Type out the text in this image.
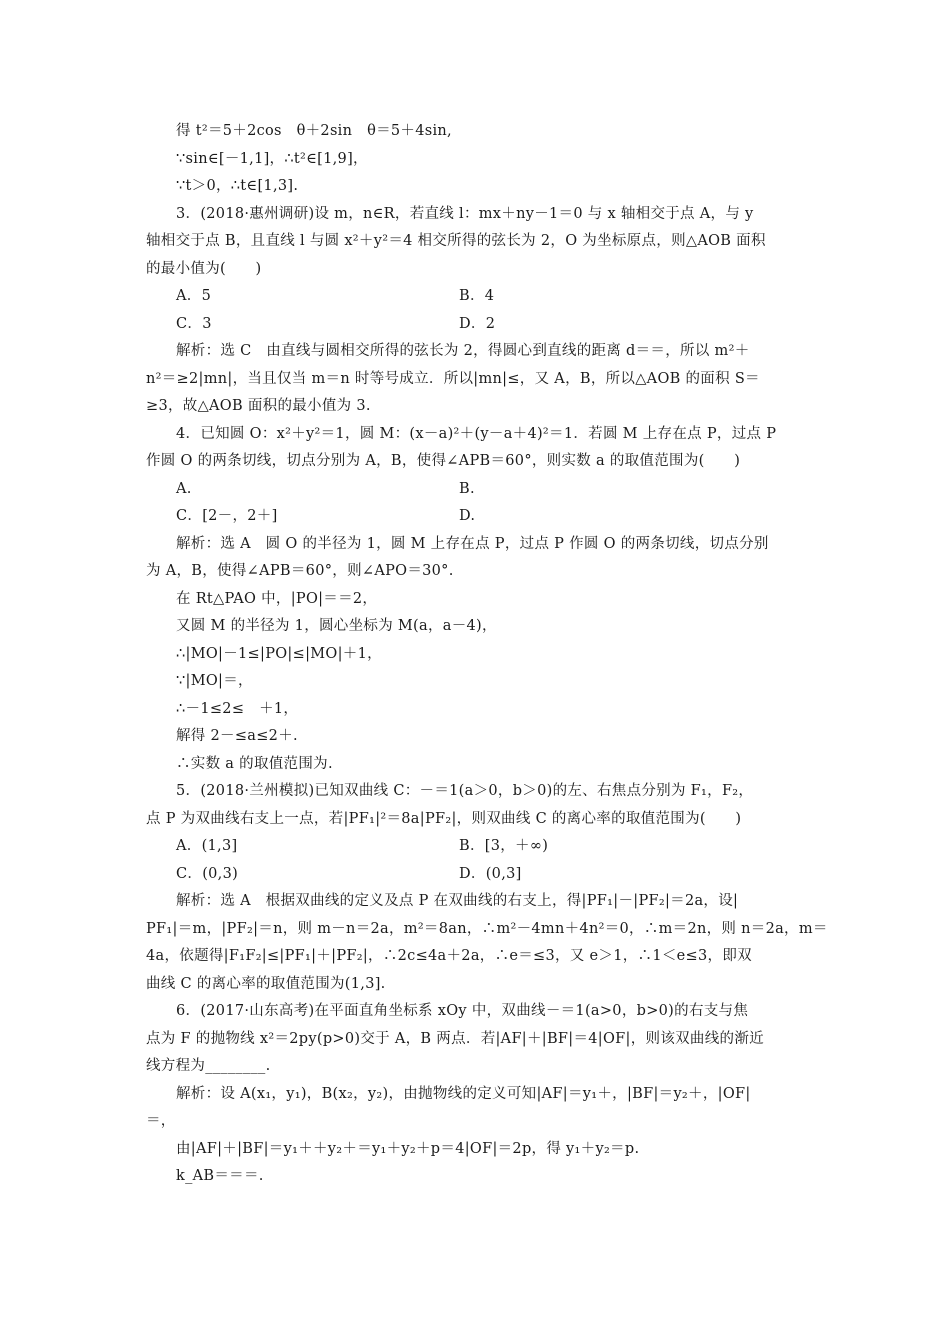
得 t²＝5＋2cos　θ＋2sin　θ＝5＋4sin,
∵sin∈[－1,1]，∴t²∈[1,9]，
∵t＞0，∴t∈[1,3].
3．(2018·惠州调研)设 m，n∈R，若直线 l：mx＋ny－1＝0 与 x 轴相交于点 A，与 y
轴相交于点 B，且直线 l 与圆 x²＋y²＝4 相交所得的弦长为 2，O 为坐标原点，则△AOB 面积
的最小值为(　　)
A．5	B．4
C．3	D．2
解析：选 C　由直线与圆相交所得的弦长为 2，得圆心到直线的距离 d＝＝，所以 m²＋
n²＝≥2|mn|，当且仅当 m＝n 时等号成立．所以|mn|≤，又 A，B，所以△AOB 的面积 S＝
≥3，故△AOB 面积的最小值为 3.
4．已知圆 O：x²＋y²＝1，圆 M：(x－a)²＋(y－a＋4)²＝1．若圆 M 上存在点 P，过点 P
作圆 O 的两条切线，切点分别为 A，B，使得∠APB＝60°，则实数 a 的取值范围为(　　)
A.	B.
C．[2－，2＋]	D.
解析：选 A　圆 O 的半径为 1，圆 M 上存在点 P，过点 P 作圆 O 的两条切线，切点分别
为 A，B，使得∠APB＝60°，则∠APO＝30°.
在 Rt△PAO 中，|PO|＝＝2，
又圆 M 的半径为 1，圆心坐标为 M(a，a－4)，
∴|MO|－1≤|PO|≤|MO|＋1，
∵|MO|＝，
∴－1≤2≤　＋1，
解得 2－≤a≤2＋.
∴实数 a 的取值范围为.
5．(2018·兰州模拟)已知双曲线 C：－＝1(a＞0，b＞0)的左、右焦点分别为 F₁，F₂，
点 P 为双曲线右支上一点，若|PF₁|²＝8a|PF₂|，则双曲线 C 的离心率的取值范围为(　　)
A．(1,3]	B．[3，＋∞)
C．(0,3)	D．(0,3]
解析：选 A　根据双曲线的定义及点 P 在双曲线的右支上，得|PF₁|－|PF₂|＝2a，设|
PF₁|＝m，|PF₂|＝n，则 m－n＝2a，m²＝8an，∴m²－4mn＋4n²＝0，∴m＝2n，则 n＝2a，m＝
4a，依题得|F₁F₂|≤|PF₁|＋|PF₂|，∴2c≤4a＋2a，∴e＝≤3，又 e＞1，∴1＜e≤3，即双
曲线 C 的离心率的取值范围为(1,3].
6．(2017·山东高考)在平面直角坐标系 xOy 中，双曲线－＝1(a>0，b>0)的右支与焦
点为 F 的抛物线 x²＝2py(p>0)交于 A，B 两点．若|AF|＋|BF|＝4|OF|，则该双曲线的渐近
线方程为________.
解析：设 A(x₁，y₁)，B(x₂，y₂)，由抛物线的定义可知|AF|＝y₁＋，|BF|＝y₂＋，|OF|
＝，
由|AF|＋|BF|＝y₁＋＋y₂＋＝y₁＋y₂＋p＝4|OF|＝2p，得 y₁＋y₂＝p.
k_AB＝＝＝.
